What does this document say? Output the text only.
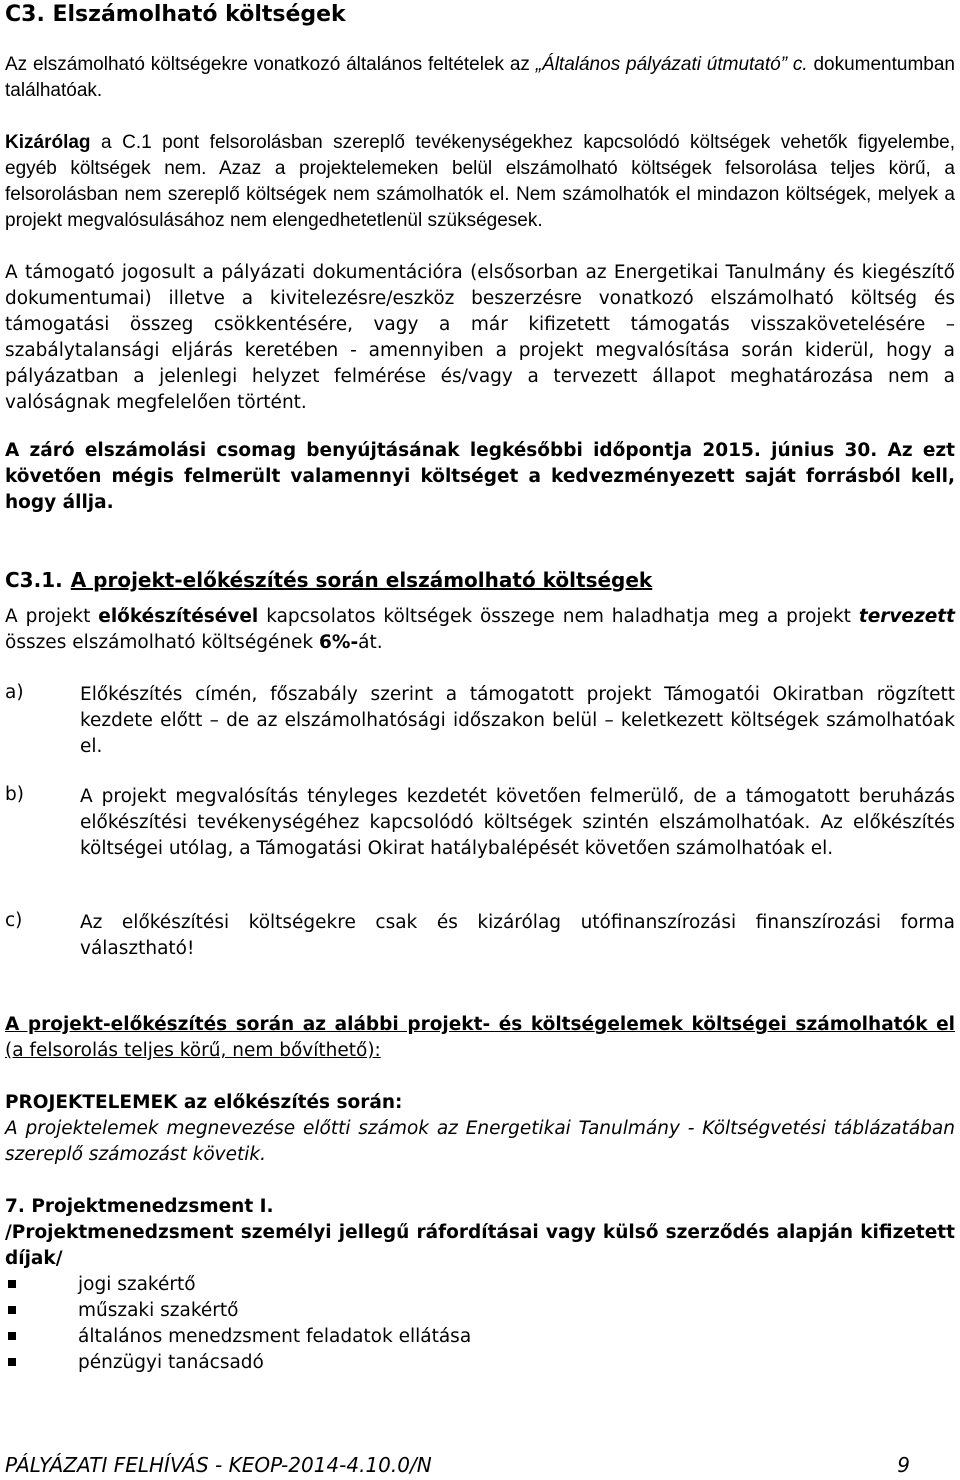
C3. Elszámolható költségek

Az elszámolható költségekre vonatkozó általános feltételek az „Általános pályázati útmutató” c. dokumentumban találhatóak.

Kizárólag a C.1 pont felsorolásban szereplő tevékenységekhez kapcsolódó költségek vehetők figyelembe, egyéb költségek nem. Azaz a projektelemeken belül elszámolható költségek felsorolása teljes körű, a felsorolásban nem szereplő költségek nem számolhatók el. Nem számolhatók el mindazon költségek, melyek a projekt megvalósulásához nem elengedhetetlenül szükségesek.

A támogató jogosult a pályázati dokumentációra (elsősorban az Energetikai Tanulmány és kiegészítő dokumentumai) illetve a kivitelezésre/eszköz beszerzésre vonatkozó elszámolható költség és támogatási összeg csökkentésére, vagy a már kifizetett támogatás visszakövetelésére – szabálytalansági eljárás keretében - amennyiben a projekt megvalósítása során kiderül, hogy a pályázatban a jelenlegi helyzet felmérése és/vagy a tervezett állapot meghatározása nem a valóságnak megfelelően történt.

A záró elszámolási csomag benyújtásának legkésőbbi időpontja 2015. június 30. Az ezt követően mégis felmerült valamennyi költséget a kedvezményezett saját forrásból kell, hogy állja.

C3.1. A projekt-előkészítés során elszámolható költségek

A projekt előkészítésével kapcsolatos költségek összege nem haladhatja meg a projekt tervezett összes elszámolható költségének 6%-át.

a)	Előkészítés címén, főszabály szerint a támogatott projekt Támogatói Okiratban rögzített kezdete előtt – de az elszámolhatósági időszakon belül – keletkezett költségek számolhatóak el.
b)	A projekt megvalósítás tényleges kezdetét követően felmerülő, de a támogatott beruházás előkészítési tevékenységéhez kapcsolódó költségek szintén elszámolhatóak. Az előkészítés költségei utólag, a Támogatási Okirat hatálybalépését követően számolhatóak el.
c)	Az előkészítési költségekre csak és kizárólag utófinanszírozási finanszírozási forma választható!

A projekt-előkészítés során az alábbi projekt- és költségelemek költségei számolhatók el (a felsorolás teljes körű, nem bővíthető):

PROJEKTELEMEK az előkészítés során:
A projektelemek megnevezése előtti számok az Energetikai Tanulmány - Költségvetési táblázatában szereplő számozást követik.
7. Projektmenedzsment I.
/Projektmenedzsment személyi jellegű ráfordításai vagy külső szerződés alapján kifizetett díjak/
jogi szakértő
műszaki szakértő
általános menedzsment feladatok ellátása
pénzügyi tanácsadó
PÁLYÁZATI FELHÍVÁS - KEOP-2014-4.10.0/N	9
